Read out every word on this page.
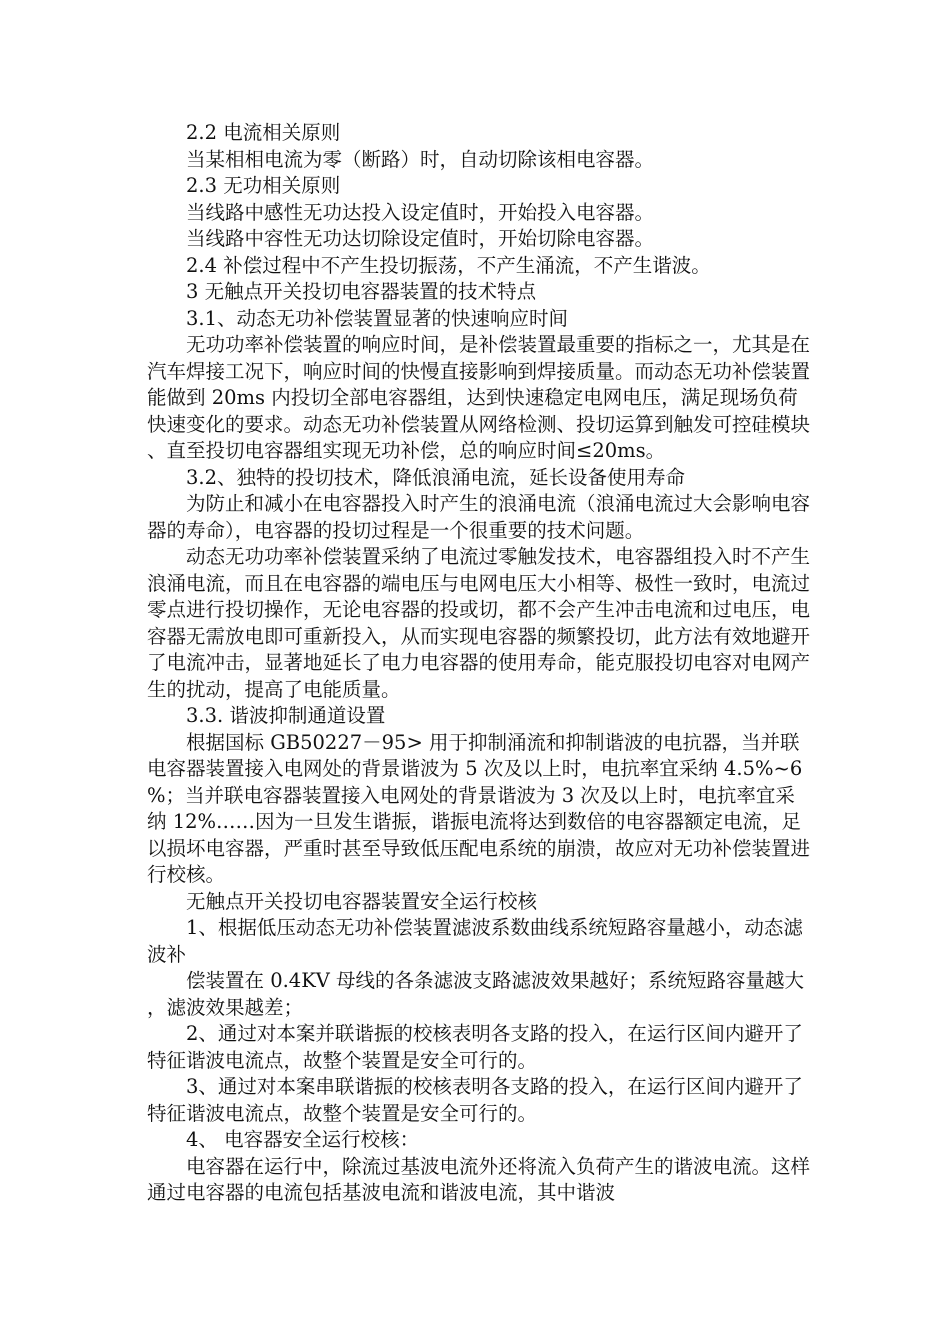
2.2 电流相关原则

当某相相电流为零（断路）时，自动切除该相电容器。

2.3 无功相关原则

当线路中感性无功达投入设定值时，开始投入电容器。

当线路中容性无功达切除设定值时，开始切除电容器。

2.4 补偿过程中不产生投切振荡，不产生涌流，不产生谐波。

3 无触点开关投切电容器装置的技术特点

3.1、动态无功补偿装置显著的快速响应时间

无功功率补偿装置的响应时间，是补偿装置最重要的指标之一，尤其是在汽车焊接工况下，响应时间的快慢直接影响到焊接质量。而动态无功补偿装置能做到 20ms 内投切全部电容器组，达到快速稳定电网电压，满足现场负荷快速变化的要求。动态无功补偿装置从网络检测、投切运算到触发可控硅模块、直至投切电容器组实现无功补偿，总的响应时间≤20ms。

3.2、独特的投切技术，降低浪涌电流，延长设备使用寿命

为防止和减小在电容器投入时产生的浪涌电流（浪涌电流过大会影响电容器的寿命），电容器的投切过程是一个很重要的技术问题。

动态无功功率补偿装置采纳了电流过零触发技术，电容器组投入时不产生浪涌电流，而且在电容器的端电压与电网电压大小相等、极性一致时，电流过零点进行投切操作，无论电容器的投或切，都不会产生冲击电流和过电压，电容器无需放电即可重新投入，从而实现电容器的频繁投切，此方法有效地避开了电流冲击，显著地延长了电力电容器的使用寿命，能克服投切电容对电网产生的扰动，提高了电能质量。

3.3. 谐波抑制通道设置

根据国标 GB50227－95> 用于抑制涌流和抑制谐波的电抗器，当并联电容器装置接入电网处的背景谐波为 5 次及以上时，电抗率宜采纳 4.5%~6%；当并联电容器装置接入电网处的背景谐波为 3 次及以上时，电抗率宜采纳 12%……因为一旦发生谐振，谐振电流将达到数倍的电容器额定电流，足以损坏电容器，严重时甚至导致低压配电系统的崩溃，故应对无功补偿装置进行校核。

无触点开关投切电容器装置安全运行校核

1、根据低压动态无功补偿装置滤波系数曲线系统短路容量越小，动态滤波补

偿装置在 0.4KV 母线的各条滤波支路滤波效果越好；系统短路容量越大，滤波效果越差；

2、通过对本案并联谐振的校核表明各支路的投入，在运行区间内避开了特征谐波电流点，故整个装置是安全可行的。

3、通过对本案串联谐振的校核表明各支路的投入，在运行区间内避开了特征谐波电流点，故整个装置是安全可行的。

4、 电容器安全运行校核：

电容器在运行中，除流过基波电流外还将流入负荷产生的谐波电流。这样通过电容器的电流包括基波电流和谐波电流，其中谐波
